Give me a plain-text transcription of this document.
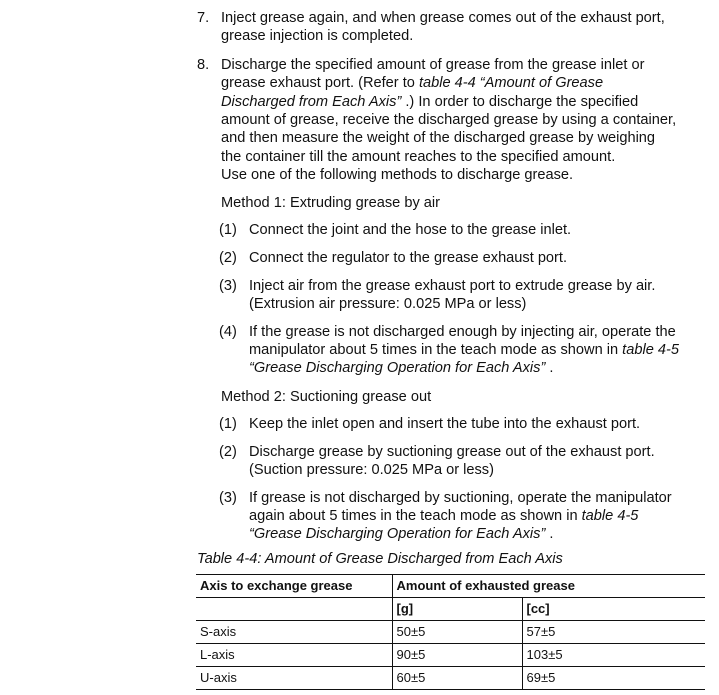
7. Inject grease again, and when grease comes out of the exhaust port,
grease injection is completed.
8. Discharge the specified amount of grease from the grease inlet or
grease exhaust port. (Refer to table 4-4 “Amount of Grease
Discharged from Each Axis” .) In order to discharge the specified
amount of grease, receive the discharged grease by using a container,
and then measure the weight of the discharged grease by weighing
the container till the amount reaches to the specified amount.
Use one of the following methods to discharge grease.
Method 1: Extruding grease by air
(1) Connect the joint and the hose to the grease inlet.
(2) Connect the regulator to the grease exhaust port.
(3) Inject air from the grease exhaust port to extrude grease by air.
(Extrusion air pressure: 0.025 MPa or less)
(4) If the grease is not discharged enough by injecting air, operate the
manipulator about 5 times in the teach mode as shown in table 4-5
“Grease Discharging Operation for Each Axis” .
Method 2: Suctioning grease out
(1) Keep the inlet open and insert the tube into the exhaust port.
(2) Discharge grease by suctioning grease out of the exhaust port.
(Suction pressure: 0.025 MPa or less)
(3) If grease is not discharged by suctioning, operate the manipulator
again about 5 times in the teach mode as shown in table 4-5
“Grease Discharging Operation for Each Axis” .
Table 4-4: Amount of Grease Discharged from Each Axis
Axis to exchange grease	Amount of exhausted grease	
	[g]	[cc]
S-axis	50±5	57±5
L-axis	90±5	103±5
U-axis	60±5	69±5
